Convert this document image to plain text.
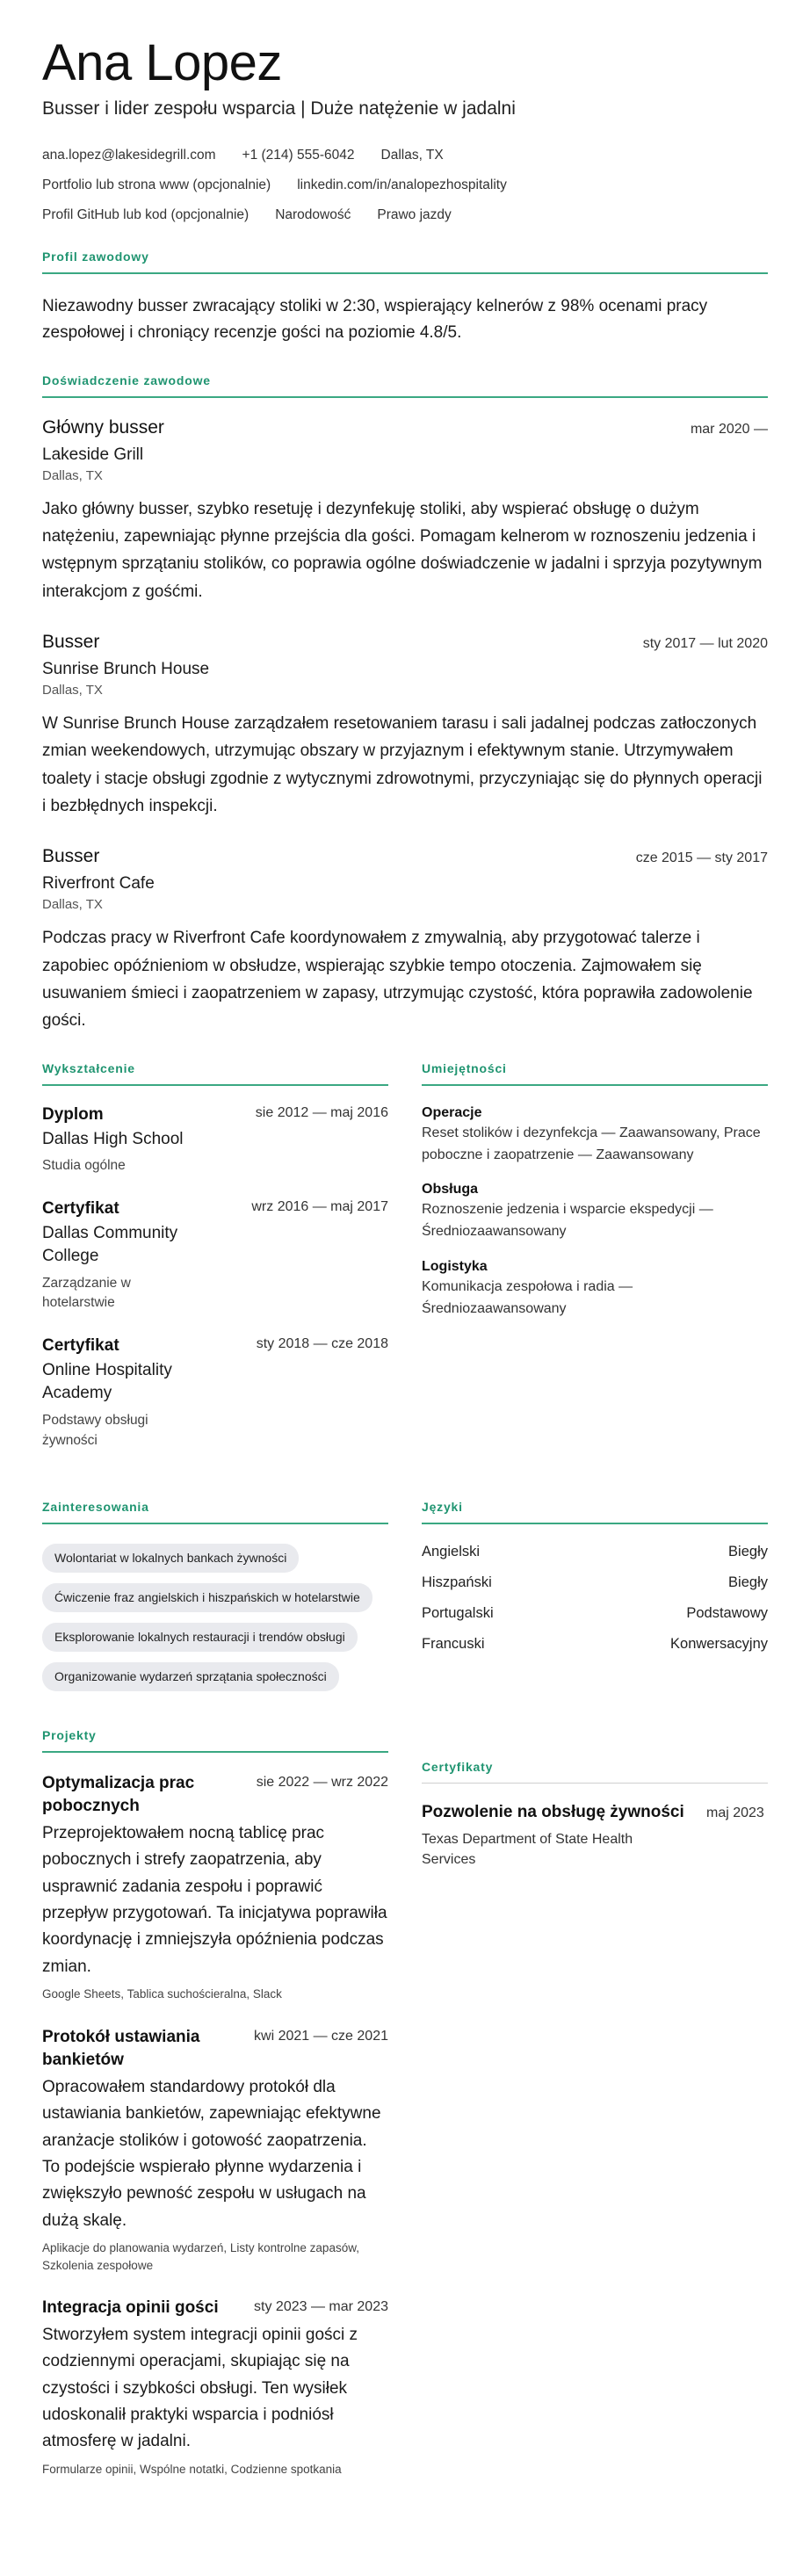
Ana Lopez
Busser i lider zespołu wsparcia | Duże natężenie w jadalni
ana.lopez@lakesidegrill.com +1 (214) 555-6042 Dallas, TX
Portfolio lub strona www (opcjonalnie) linkedin.com/in/analopezhospitality
Profil GitHub lub kod (opcjonalnie) Narodowość Prawo jazdy
Profil zawodowy
Niezawodny busser zwracający stoliki w 2:30, wspierający kelnerów z 98% ocenami pracy zespołowej i chroniący recenzje gości na poziomie 4.8/5.
Doświadczenie zawodowe
Główny busser	mar 2020 —
Lakeside Grill
Dallas, TX
Jako główny busser, szybko resetuję i dezynfekuję stoliki, aby wspierać obsługę o dużym natężeniu, zapewniając płynne przejścia dla gości. Pomagam kelnerom w roznoszeniu jedzenia i wstępnym sprzątaniu stolików, co poprawia ogólne doświadczenie w jadalni i sprzyja pozytywnym interakcjom z gośćmi.
Busser	sty 2017 — lut 2020
Sunrise Brunch House
Dallas, TX
W Sunrise Brunch House zarządzałem resetowaniem tarasu i sali jadalnej podczas zatłoczonych zmian weekendowych, utrzymując obszary w przyjaznym i efektywnym stanie. Utrzymywałem toalety i stacje obsługi zgodnie z wytycznymi zdrowotnymi, przyczyniając się do płynnych operacji i bezbłędnych inspekcji.
Busser	cze 2015 — sty 2017
Riverfront Cafe
Dallas, TX
Podczas pracy w Riverfront Cafe koordynowałem z zmywalnią, aby przygotować talerze i zapobiec opóźnieniom w obsłudze, wspierając szybkie tempo otoczenia. Zajmowałem się usuwaniem śmieci i zaopatrzeniem w zapasy, utrzymując czystość, która poprawiła zadowolenie gości.
Wykształcenie
Dyplom
Dallas High School
sie 2012 — maj 2016
Studia ogólne
Certyfikat
Dallas Community College
wrz 2016 — maj 2017
Zarządzanie w hotelarstwie
Certyfikat
Online Hospitality Academy
sty 2018 — cze 2018
Podstawy obsługi żywności
Umiejętności
Operacje
Reset stolików i dezynfekcja — Zaawansowany, Prace poboczne i zaopatrzenie — Zaawansowany
Obsługa
Roznoszenie jedzenia i wsparcie ekspedycji — Średniozaawansowany
Logistyka
Komunikacja zespołowa i radia — Średniozaawansowany
Zainteresowania
Wolontariat w lokalnych bankach żywności
Ćwiczenie fraz angielskich i hiszpańskich w hotelarstwie
Eksplorowanie lokalnych restauracji i trendów obsługi
Organizowanie wydarzeń sprzątania społeczności
Języki
Angielski	Biegły
Hiszpański	Biegły
Portugalski	Podstawowy
Francuski	Konwersacyjny
Projekty
Optymalizacja prac pobocznych
sie 2022 — wrz 2022
Przeprojektowałem nocną tablicę prac pobocznych i strefy zaopatrzenia, aby usprawnić zadania zespołu i poprawić przepływ przygotowań. Ta inicjatywa poprawiła koordynację i zmniejszyła opóźnienia podczas zmian.
Google Sheets, Tablica suchościeralna, Slack
Protokół ustawiania bankietów
kwi 2021 — cze 2021
Opracowałem standardowy protokół dla ustawiania bankietów, zapewniając efektywne aranżacje stolików i gotowość zaopatrzenia. To podejście wspierało płynne wydarzenia i zwiększyło pewność zespołu w usługach na dużą skalę.
Aplikacje do planowania wydarzeń, Listy kontrolne zapasów, Szkolenia zespołowe
Integracja opinii gości	sty 2023 — mar 2023
Stworzyłem system integracji opinii gości z codziennymi operacjami, skupiając się na czystości i szybkości obsługi. Ten wysiłek udoskonalił praktyki wsparcia i podniósł atmosferę w jadalni.
Formularze opinii, Wspólne notatki, Codzienne spotkania
Certyfikaty
Pozwolenie na obsługę żywności maj 2023
Texas Department of State Health Services
